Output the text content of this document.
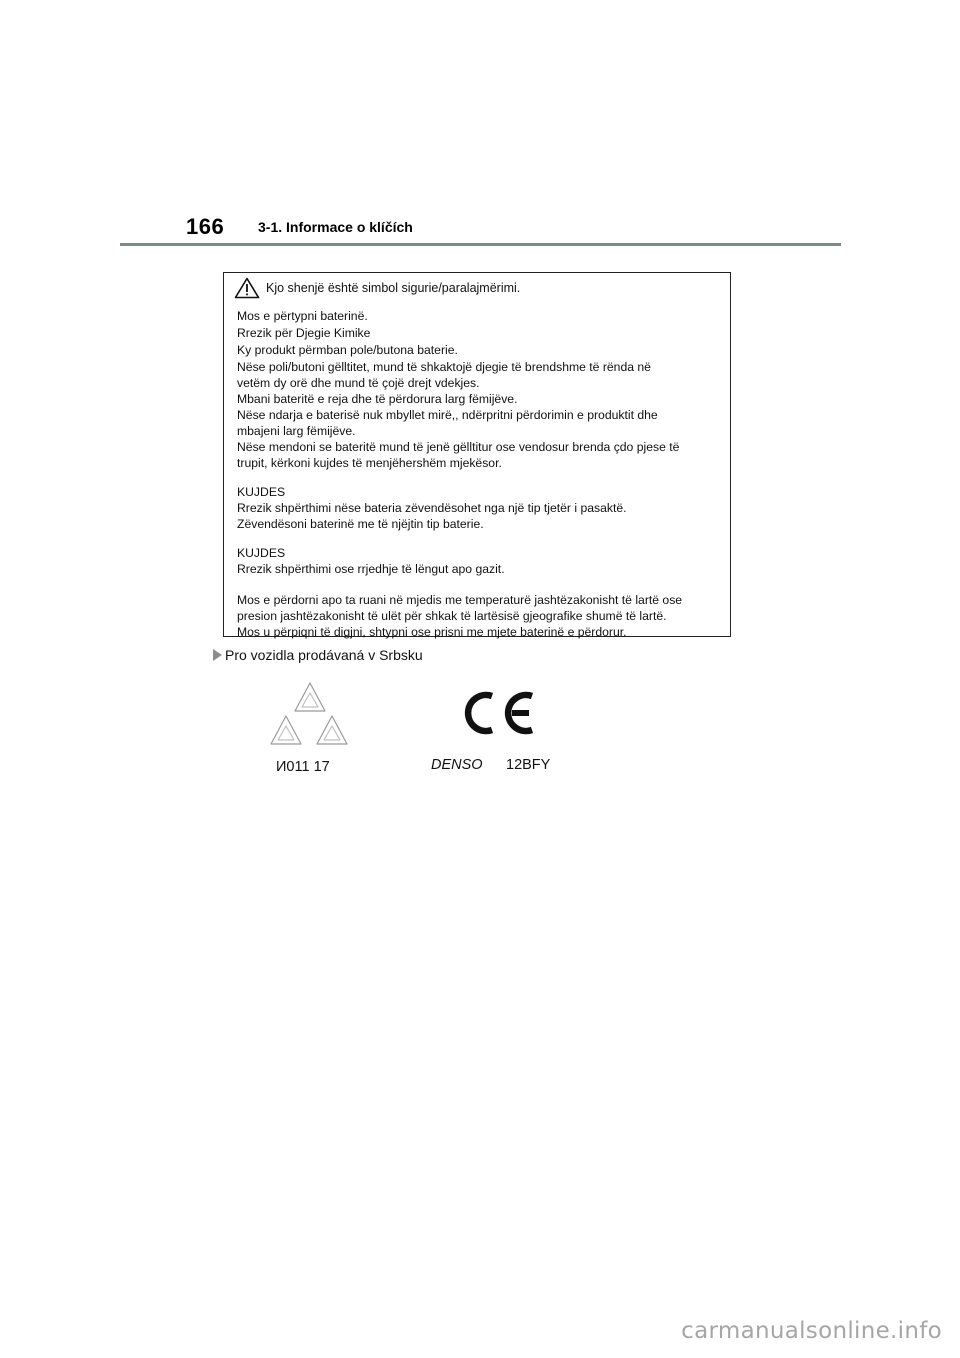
166 3-1. Informace o klíčích
Kjo shenjë është simbol sigurie/paralajmërimi.
Mos e përtypni baterinë.
Rrezik për Djegie Kimike
Ky produkt përmban pole/butona baterie.
Nëse poli/butoni gëlltitet, mund të shkaktojë djegie të brendshme të rënda në
vetëm dy orë dhe mund të çojë drejt vdekjes.
Mbani bateritë e reja dhe të përdorura larg fëmijëve.
Nëse ndarja e baterisë nuk mbyllet mirë,, ndërpritni përdorimin e produktit dhe
mbajeni larg fëmijëve.
Nëse mendoni se bateritë mund të jenë gëlltitur ose vendosur brenda çdo pjese të
trupit, kërkoni kujdes të menjëhershëm mjekësor.
KUJDES
Rrezik shpërthimi nëse bateria zëvendësohet nga një tip tjetër i pasaktë.
Zëvendësoni baterinë me të njëjtin tip baterie.
KUJDES
Rrezik shpërthimi ose rrjedhje të lëngut apo gazit.
Mos e përdorni apo ta ruani në mjedis me temperaturë jashtëzakonisht të lartë ose
presion jashtëzakonisht të ulët për shkak të lartësisë gjeografike shumë të lartë.
Mos u përpiqni të digjni, shtypni ose prisni me mjete baterinë e përdorur.
Pro vozidla prodávaná v Srbsku
И011 17	DENSO 12BFY
carmanualsonline.info
